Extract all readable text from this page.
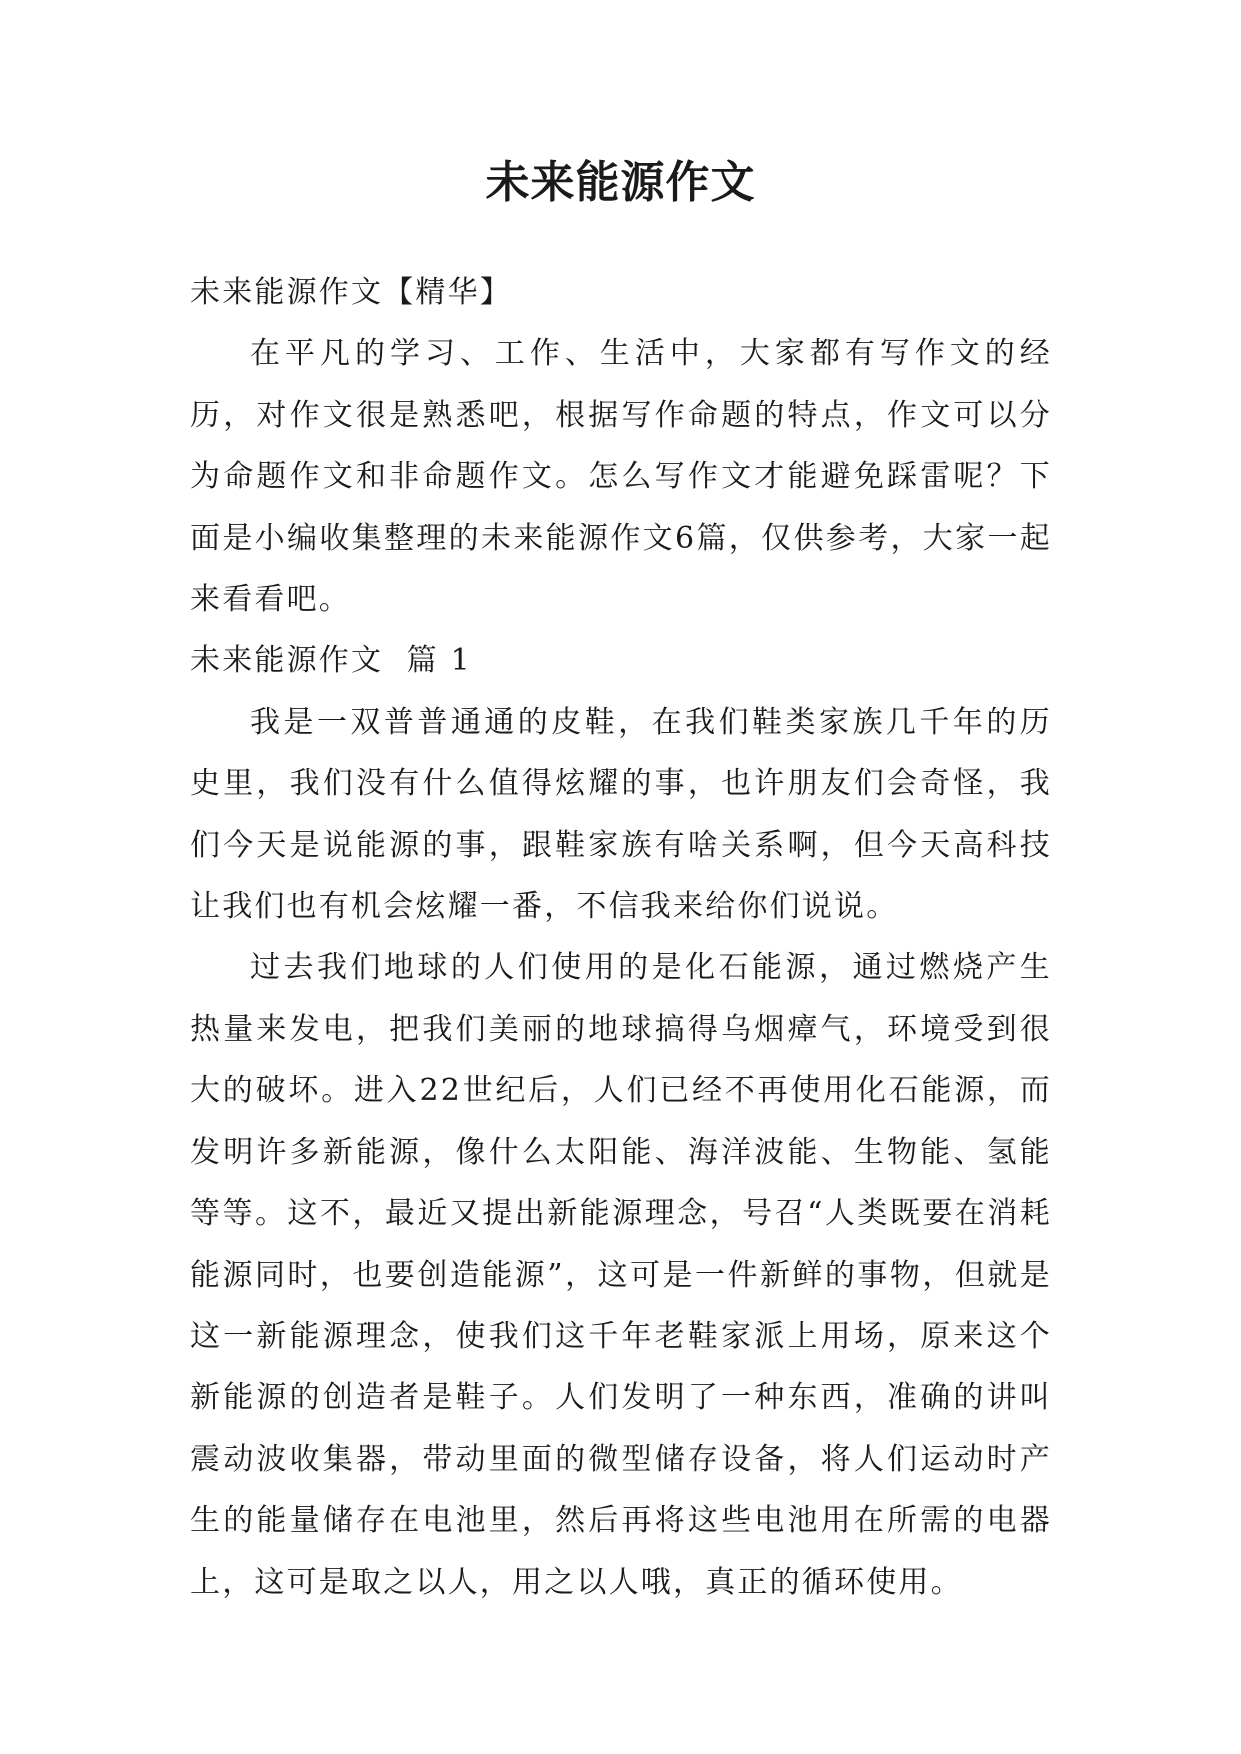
未来能源作文

未来能源作文【精华】

在平凡的学习、工作、生活中，大家都有写作文的经历，对作文很是熟悉吧，根据写作命题的特点，作文可以分为命题作文和非命题作文。怎么写作文才能避免踩雷呢？下面是小编收集整理的未来能源作文6篇，仅供参考，大家一起来看看吧。

未来能源作文  篇 1

我是一双普普通通的皮鞋，在我们鞋类家族几千年的历史里，我们没有什么值得炫耀的事，也许朋友们会奇怪，我们今天是说能源的事，跟鞋家族有啥关系啊，但今天高科技让我们也有机会炫耀一番，不信我来给你们说说。

过去我们地球的人们使用的是化石能源，通过燃烧产生热量来发电，把我们美丽的地球搞得乌烟瘴气，环境受到很大的破坏。进入22世纪后，人们已经不再使用化石能源，而发明许多新能源，像什么太阳能、海洋波能、生物能、氢能等等。这不，最近又提出新能源理念，号召“人类既要在消耗能源同时，也要创造能源”，这可是一件新鲜的事物，但就是这一新能源理念，使我们这千年老鞋家派上用场，原来这个新能源的创造者是鞋子。人们发明了一种东西，准确的讲叫震动波收集器，带动里面的微型储存设备，将人们运动时产生的能量储存在电池里，然后再将这些电池用在所需的电器上，这可是取之以人，用之以人哦，真正的循环使用。
